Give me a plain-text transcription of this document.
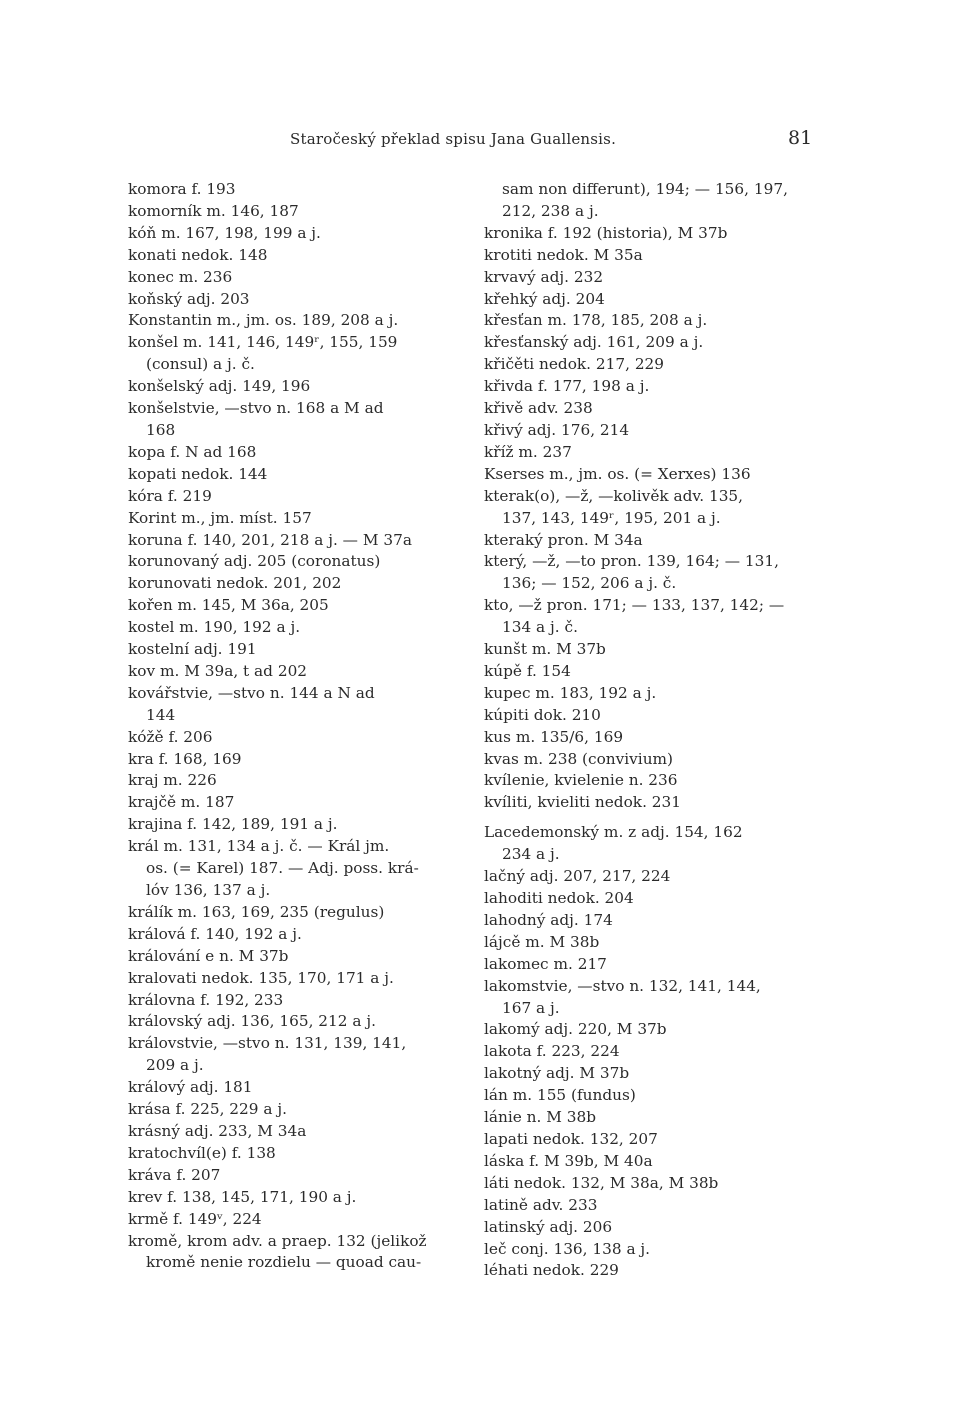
Staročeský překlad spisu Jana Guallensis.	81
komora f. 193
komorník m. 146, 187
kóň m. 167, 198, 199 a j.
konati nedok. 148
konec m. 236
koňský adj. 203
Konstantin m., jm. os. 189, 208 a j.
konšel m. 141, 146, 149ʳ, 155, 159
(consul) a j. č.
konšelský adj. 149, 196
konšelstvie, —stvo n. 168 a M ad
168
kopa f. N ad 168
kopati nedok. 144
kóra f. 219
Korint m., jm. míst. 157
koruna f. 140, 201, 218 a j. — M 37a
korunovaný adj. 205 (coronatus)
korunovati nedok. 201, 202
kořen m. 145, M 36a, 205
kostel m. 190, 192 a j.
kostelní adj. 191
kov m. M 39a, t ad 202
kovářstvie, —stvo n. 144 a N ad
144
kóžě f. 206
kra f. 168, 169
kraj m. 226
krajčě m. 187
krajina f. 142, 189, 191 a j.
král m. 131, 134 a j. č. — Král jm.
os. (= Karel) 187. — Adj. poss. krá-
lóv 136, 137 a j.
králík m. 163, 169, 235 (regulus)
králová f. 140, 192 a j.
králování e n. M 37b
kralovati nedok. 135, 170, 171 a j.
královna f. 192, 233
královský adj. 136, 165, 212 a j.
královstvie, —stvo n. 131, 139, 141,
209 a j.
králový adj. 181
krása f. 225, 229 a j.
krásný adj. 233, M 34a
kratochvíl(e) f. 138
kráva f. 207
krev f. 138, 145, 171, 190 a j.
krmě f. 149ᵛ, 224
kromě, krom adv. a praep. 132 (jelikož
kromě nenie rozdielu — quoad cau-
sam non differunt), 194; — 156, 197,
212, 238 a j.
kronika f. 192 (historia), M 37b
krotiti nedok. M 35a
krvavý adj. 232
křehký adj. 204
křesťan m. 178, 185, 208 a j.
křesťanský adj. 161, 209 a j.
křičěti nedok. 217, 229
křivda f. 177, 198 a j.
křivě adv. 238
křivý adj. 176, 214
kříž m. 237
Kserses m., jm. os. (= Xerxes) 136
kterak(o), —ž, —kolivěk adv. 135,
137, 143, 149ʳ, 195, 201 a j.
kteraký pron. M 34a
který, —ž, —to pron. 139, 164; — 131,
136; — 152, 206 a j. č.
kto, —ž pron. 171; — 133, 137, 142; —
134 a j. č.
kunšt m. M 37b
kúpě f. 154
kupec m. 183, 192 a j.
kúpiti dok. 210
kus m. 135/6, 169
kvas m. 238 (convivium)
kvílenie, kvielenie n. 236
kvíliti, kvieliti nedok. 231
Lacedemonský m. z adj. 154, 162
234 a j.
lačný adj. 207, 217, 224
lahoditi nedok. 204
lahodný adj. 174
lájcě m. M 38b
lakomec m. 217
lakomstvie, —stvo n. 132, 141, 144,
167 a j.
lakomý adj. 220, M 37b
lakota f. 223, 224
lakotný adj. M 37b
lán m. 155 (fundus)
lánie n. M 38b
lapati nedok. 132, 207
láska f. M 39b, M 40a
láti nedok. 132, M 38a, M 38b
latině adv. 233
latinský adj. 206
leč conj. 136, 138 a j.
léhati nedok. 229
